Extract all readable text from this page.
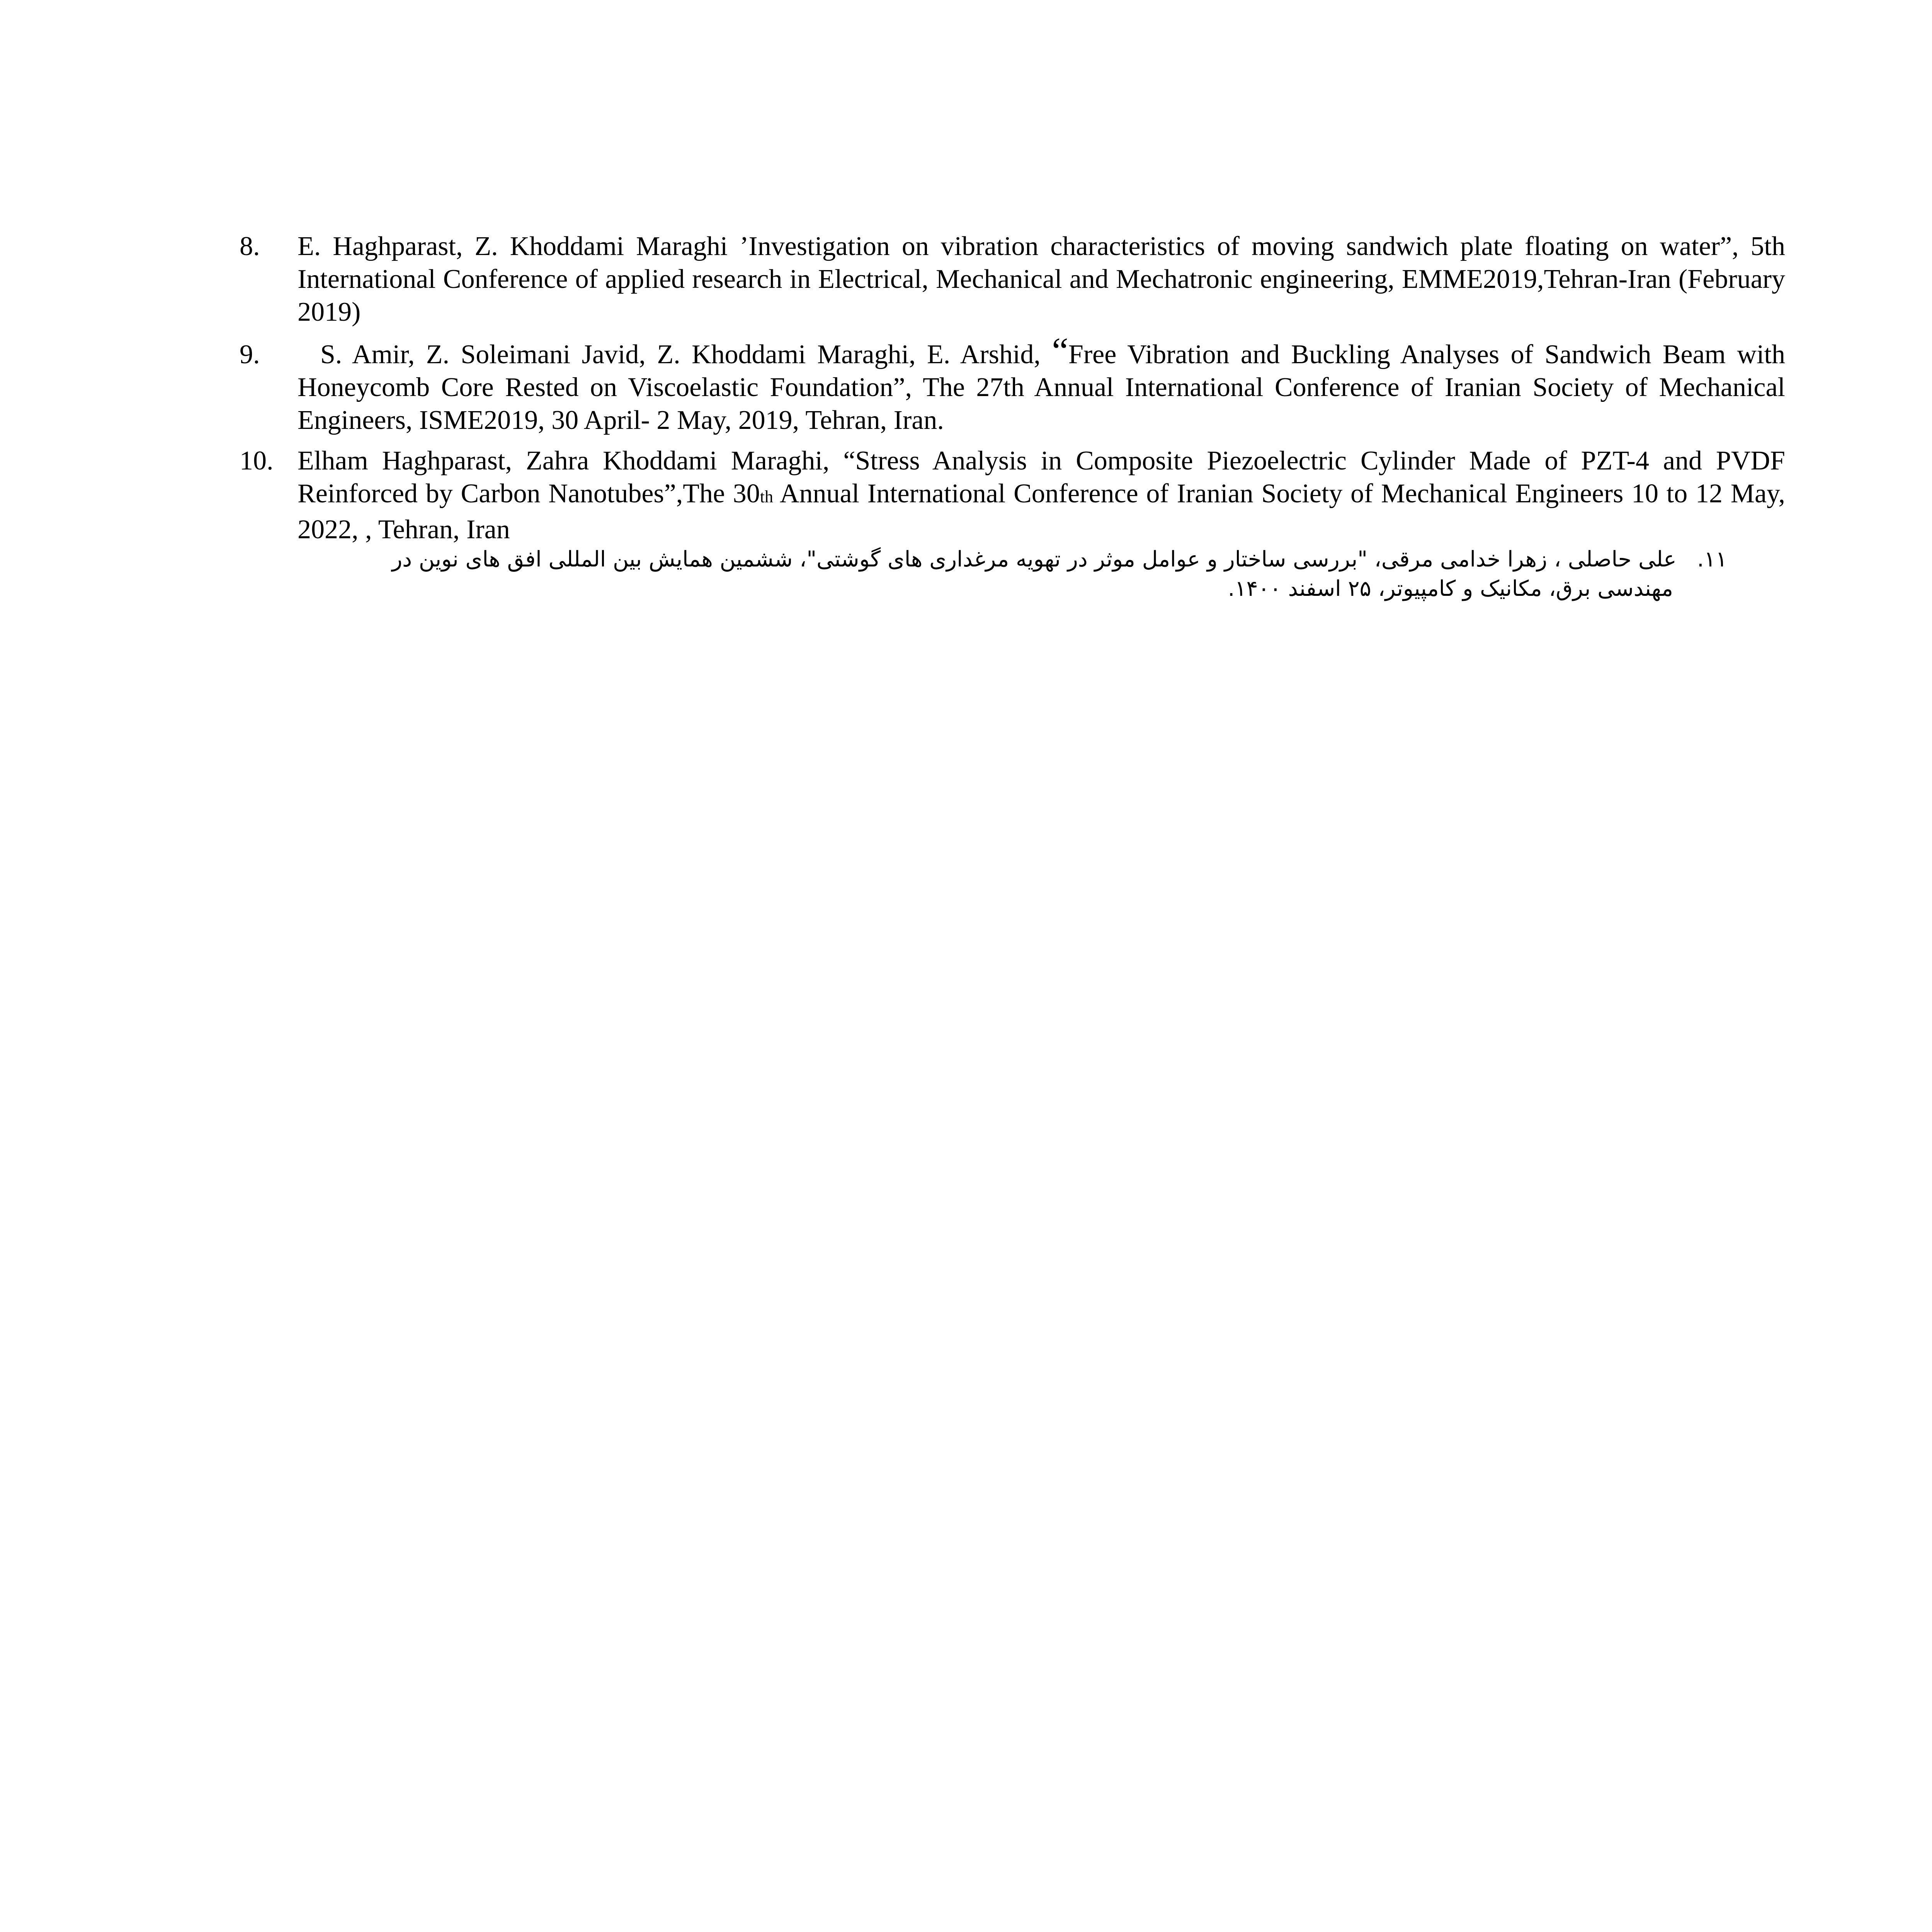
8.	E. Haghparast, Z. Khoddami Maraghi ’Investigation on vibration characteristics of moving sandwich plate floating on water”, 5th International Conference of applied research in Electrical, Mechanical and Mechatronic engineering, EMME2019,Tehran-Iran (February 2019)
9.	S. Amir, Z. Soleimani Javid, Z. Khoddami Maraghi, E. Arshid, “Free Vibration and Buckling Analyses of Sandwich Beam with Honeycomb Core Rested on Viscoelastic Foundation”, The 27th Annual International Conference of Iranian Society of Mechanical Engineers, ISME2019, 30 April- 2 May, 2019, Tehran, Iran.
10. Elham Haghparast, Zahra Khoddami Maraghi, “Stress Analysis in Composite Piezoelectric Cylinder Made of PZT-4 and PVDF Reinforced by Carbon Nanotubes”,The 30th Annual International Conference of Iranian Society of Mechanical Engineers 10 to 12 May, 2022, , Tehran, Iran
۱۱.   علی حاصلی ، زهرا خدامی مرقی، "بررسی ساختار و عوامل موثر در تهویه مرغداری های گوشتی"، ششمین همایش بین المللی افق های نوین در
مهندسی برق، مکانیک و کامپیوتر، ۲۵ اسفند ۱۴۰۰.
